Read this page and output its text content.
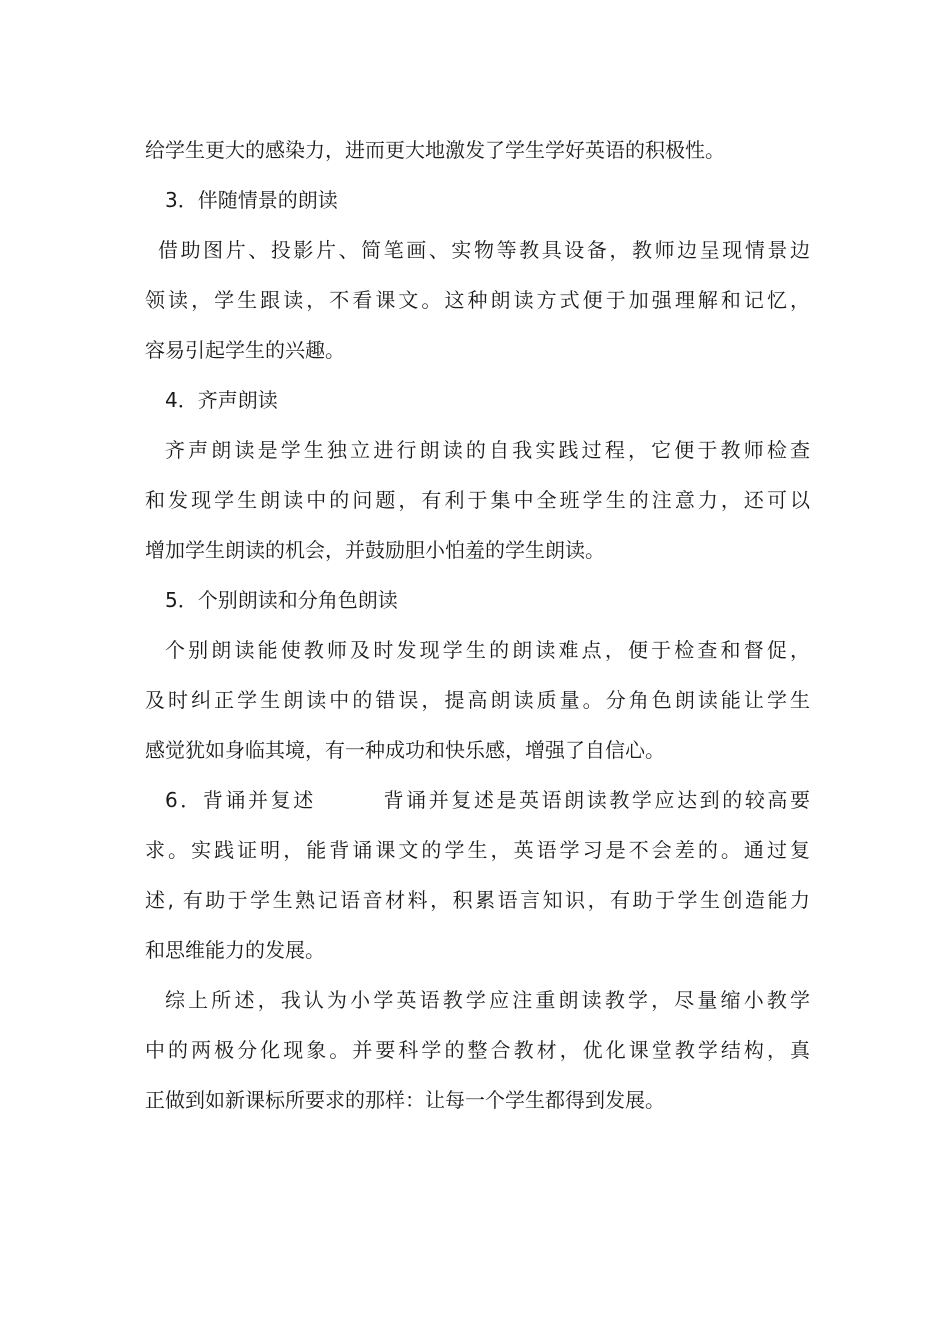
给学生更大的感染力，进而更大地激发了学生学好英语的积极性。
3．伴随情景的朗读
借助图片、投影片、简笔画、实物等教具设备，教师边呈现情景边
领读，学生跟读，不看课文。这种朗读方式便于加强理解和记忆，
容易引起学生的兴趣。
4．齐声朗读
齐声朗读是学生独立进行朗读的自我实践过程，它便于教师检查
和发现学生朗读中的问题，有利于集中全班学生的注意力，还可以
增加学生朗读的机会，并鼓励胆小怕羞的学生朗读。
5．个别朗读和分角色朗读
个别朗读能使教师及时发现学生的朗读难点，便于检查和督促，
及时纠正学生朗读中的错误，提高朗读质量。分角色朗读能让学生
感觉犹如身临其境，有一种成功和快乐感，增强了自信心。
6．背诵并复述　　　背诵并复述是英语朗读教学应达到的较高要
求。实践证明，能背诵课文的学生，英语学习是不会差的。通过复
述, 有助于学生熟记语音材料，积累语言知识，有助于学生创造能力
和思维能力的发展。
综上所述，我认为小学英语教学应注重朗读教学，尽量缩小教学
中的两极分化现象。并要科学的整合教材，优化课堂教学结构，真
正做到如新课标所要求的那样：让每一个学生都得到发展。
